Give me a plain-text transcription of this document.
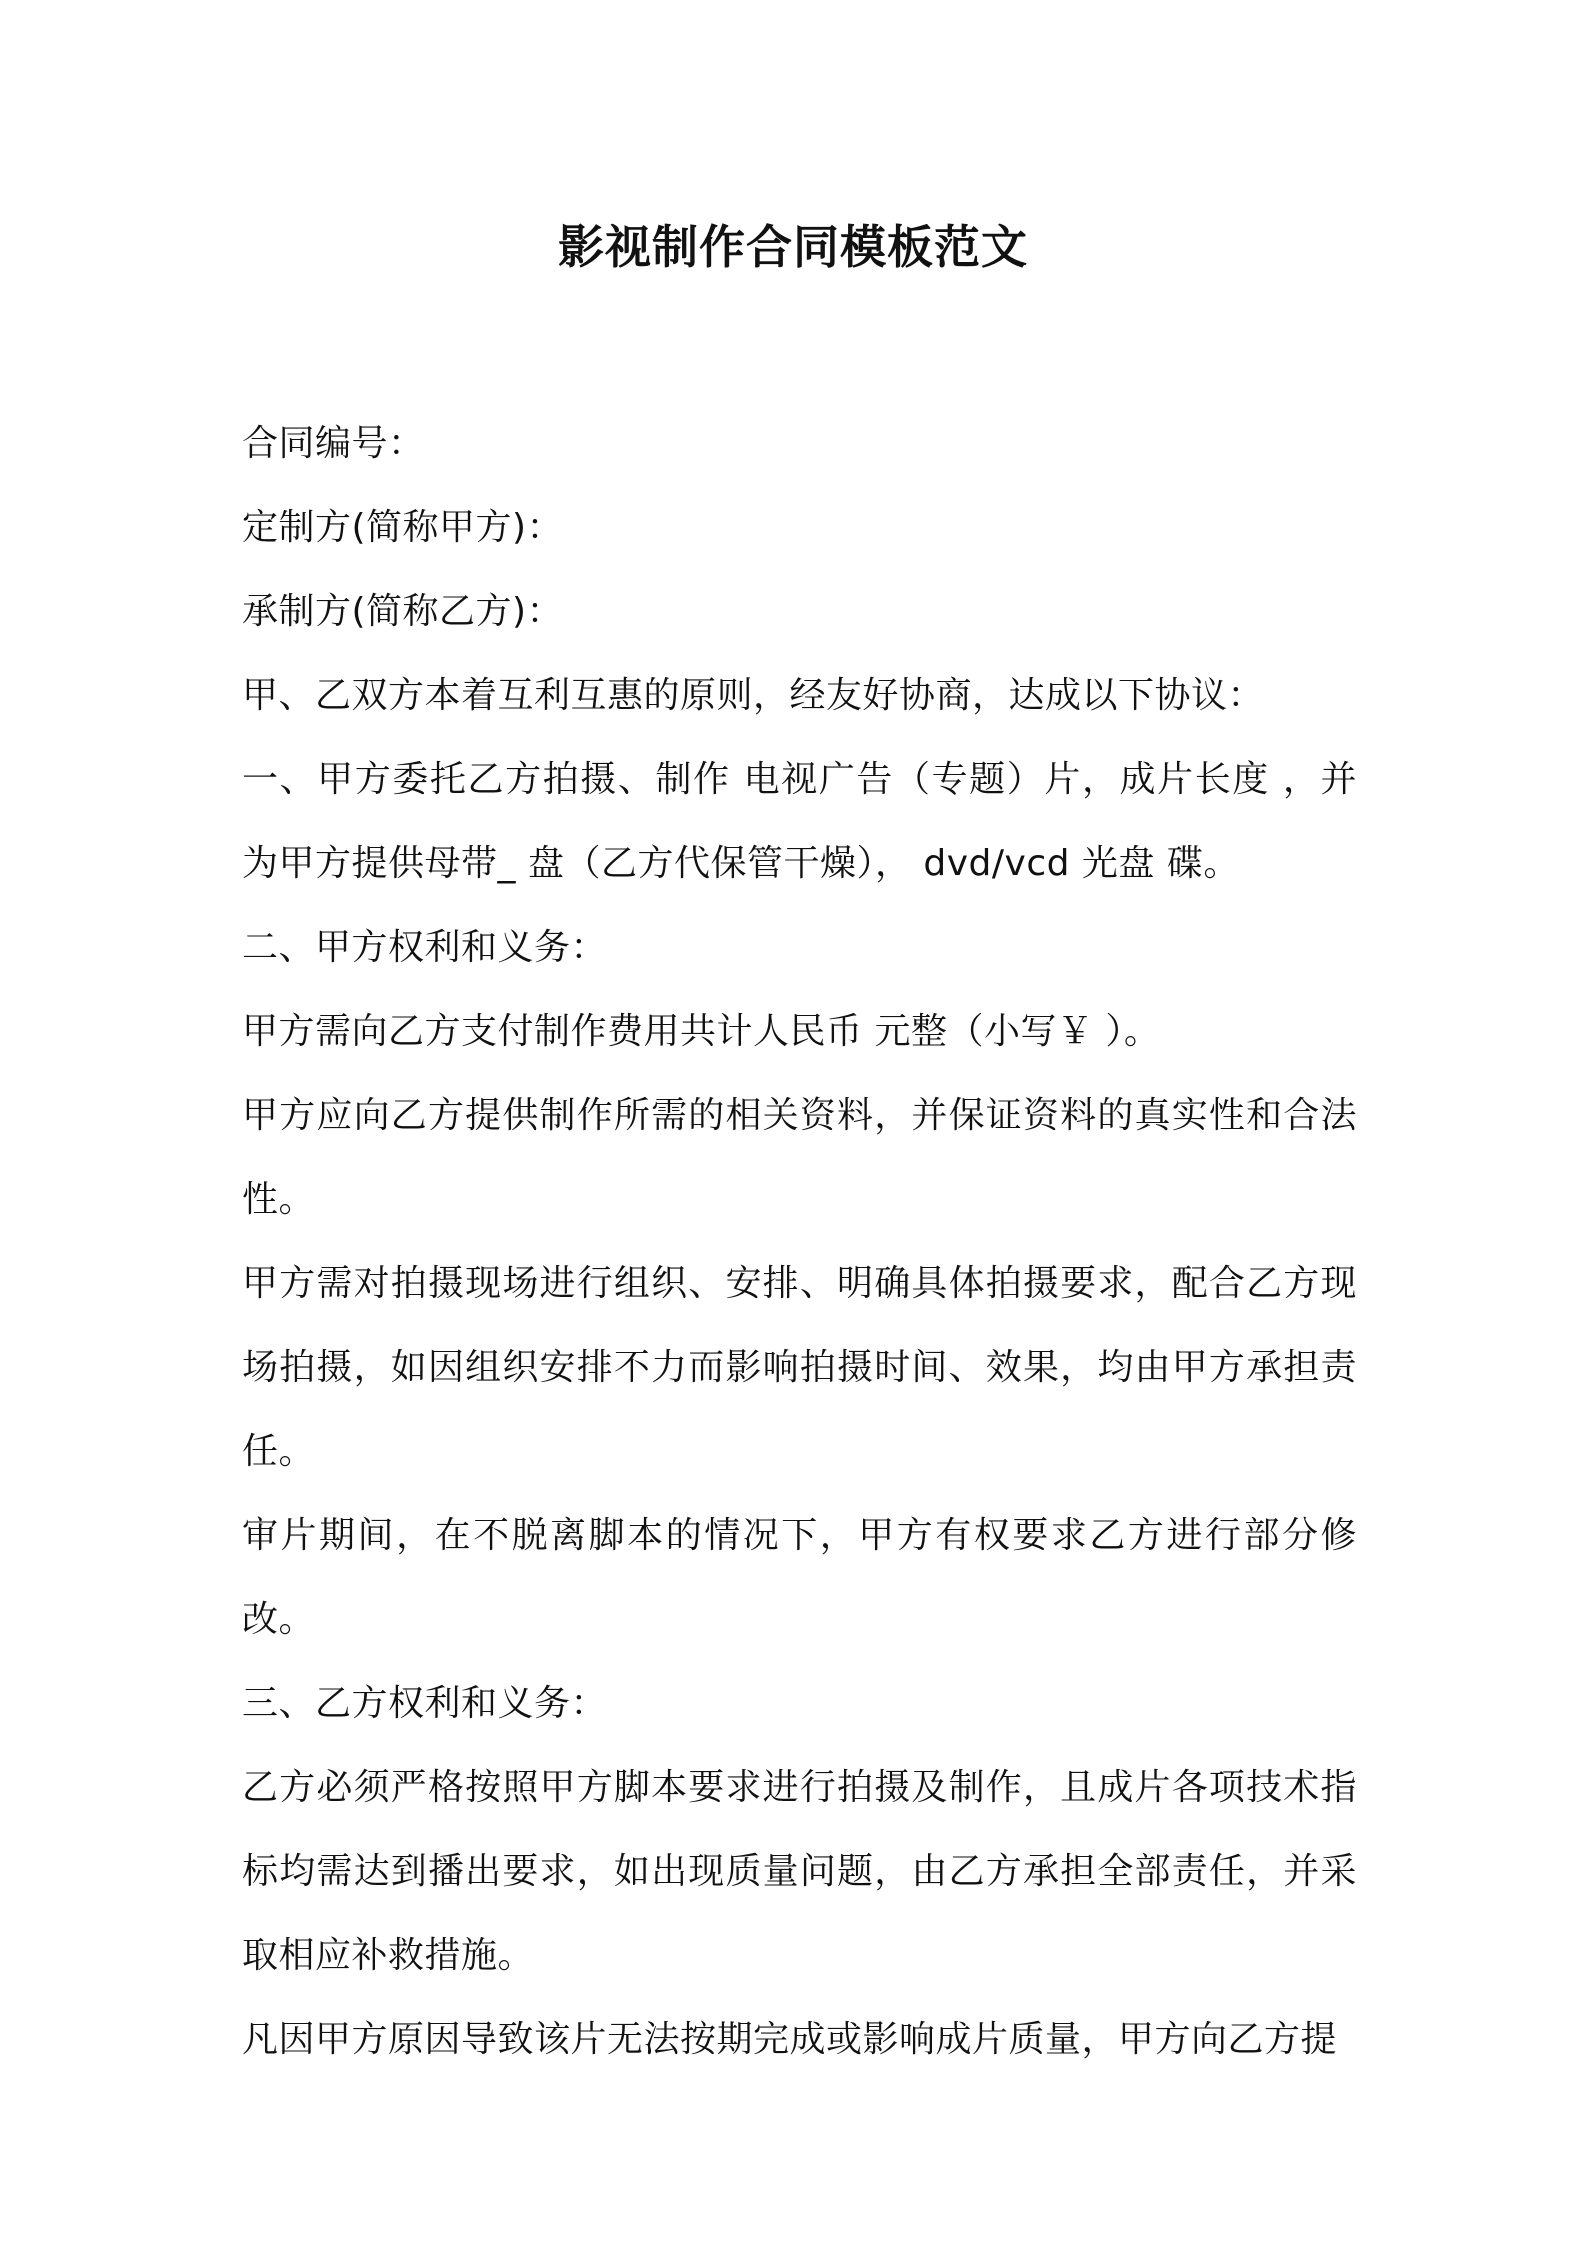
影视制作合同模板范文

合同编号：

定制方(简称甲方)：

承制方(简称乙方)：

甲、乙双方本着互利互惠的原则，经友好协商，达成以下协议：

一、甲方委托乙方拍摄、制作 电视广告（专题）片，成片长度 ，并为甲方提供母带_ 盘（乙方代保管干燥）， dvd/vcd 光盘 碟。

二、甲方权利和义务：

甲方需向乙方支付制作费用共计人民币 元整（小写￥ ）。

甲方应向乙方提供制作所需的相关资料，并保证资料的真实性和合法性。

甲方需对拍摄现场进行组织、安排、明确具体拍摄要求，配合乙方现场拍摄，如因组织安排不力而影响拍摄时间、效果，均由甲方承担责任。

审片期间，在不脱离脚本的情况下，甲方有权要求乙方进行部分修改。

三、乙方权利和义务：

乙方必须严格按照甲方脚本要求进行拍摄及制作，且成片各项技术指标均需达到播出要求，如出现质量问题，由乙方承担全部责任，并采取相应补救措施。

凡因甲方原因导致该片无法按期完成或影响成片质量，甲方向乙方提
